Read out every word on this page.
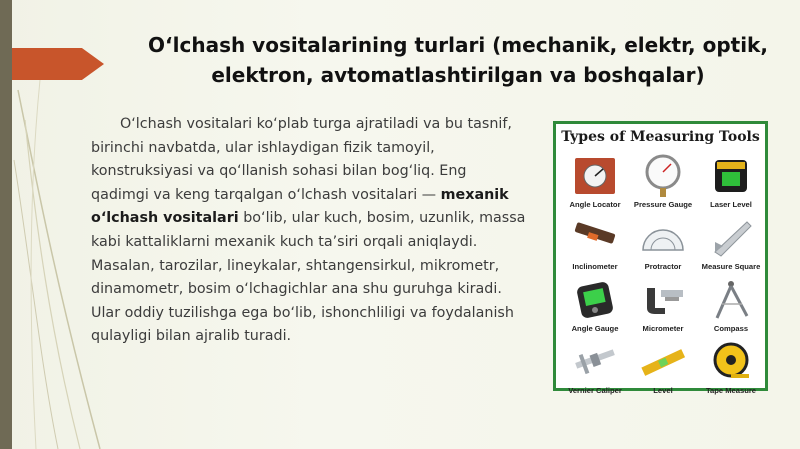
O‘lchash vositalarining turlari (mechanik, elektr, optik, elektron, avtomatlashtirilgan va boshqalar)

O‘lchash vositalari ko‘plab turga ajratiladi va bu tasnif, birinchi navbatda, ular ishlaydigan fizik tamoyil, konstruksiyasi va qo‘llanish sohasi bilan bog‘liq. Eng qadimgi va keng tarqalgan o‘lchash vositalari — mexanik o‘lchash vositalari bo‘lib, ular kuch, bosim, uzunlik, massa kabi kattaliklarni mexanik kuch ta’siri orqali aniqlaydi. Masalan, tarozilar, lineykalar, shtangensirkul, mikrometr, dinamometr, bosim o‘lchagichlar ana shu guruhga kiradi. Ular oddiy tuzilishga ega bo‘lib, ishonchliligi va foydalanish qulayligi bilan ajralib turadi.

Types of Measuring Tools
Angle Locator	Pressure Gauge	Laser Level
Inclinometer	Protractor	Measure Square
Angle Gauge	Micrometer	Compass
Vernier Caliper	Level	Tape Measure
